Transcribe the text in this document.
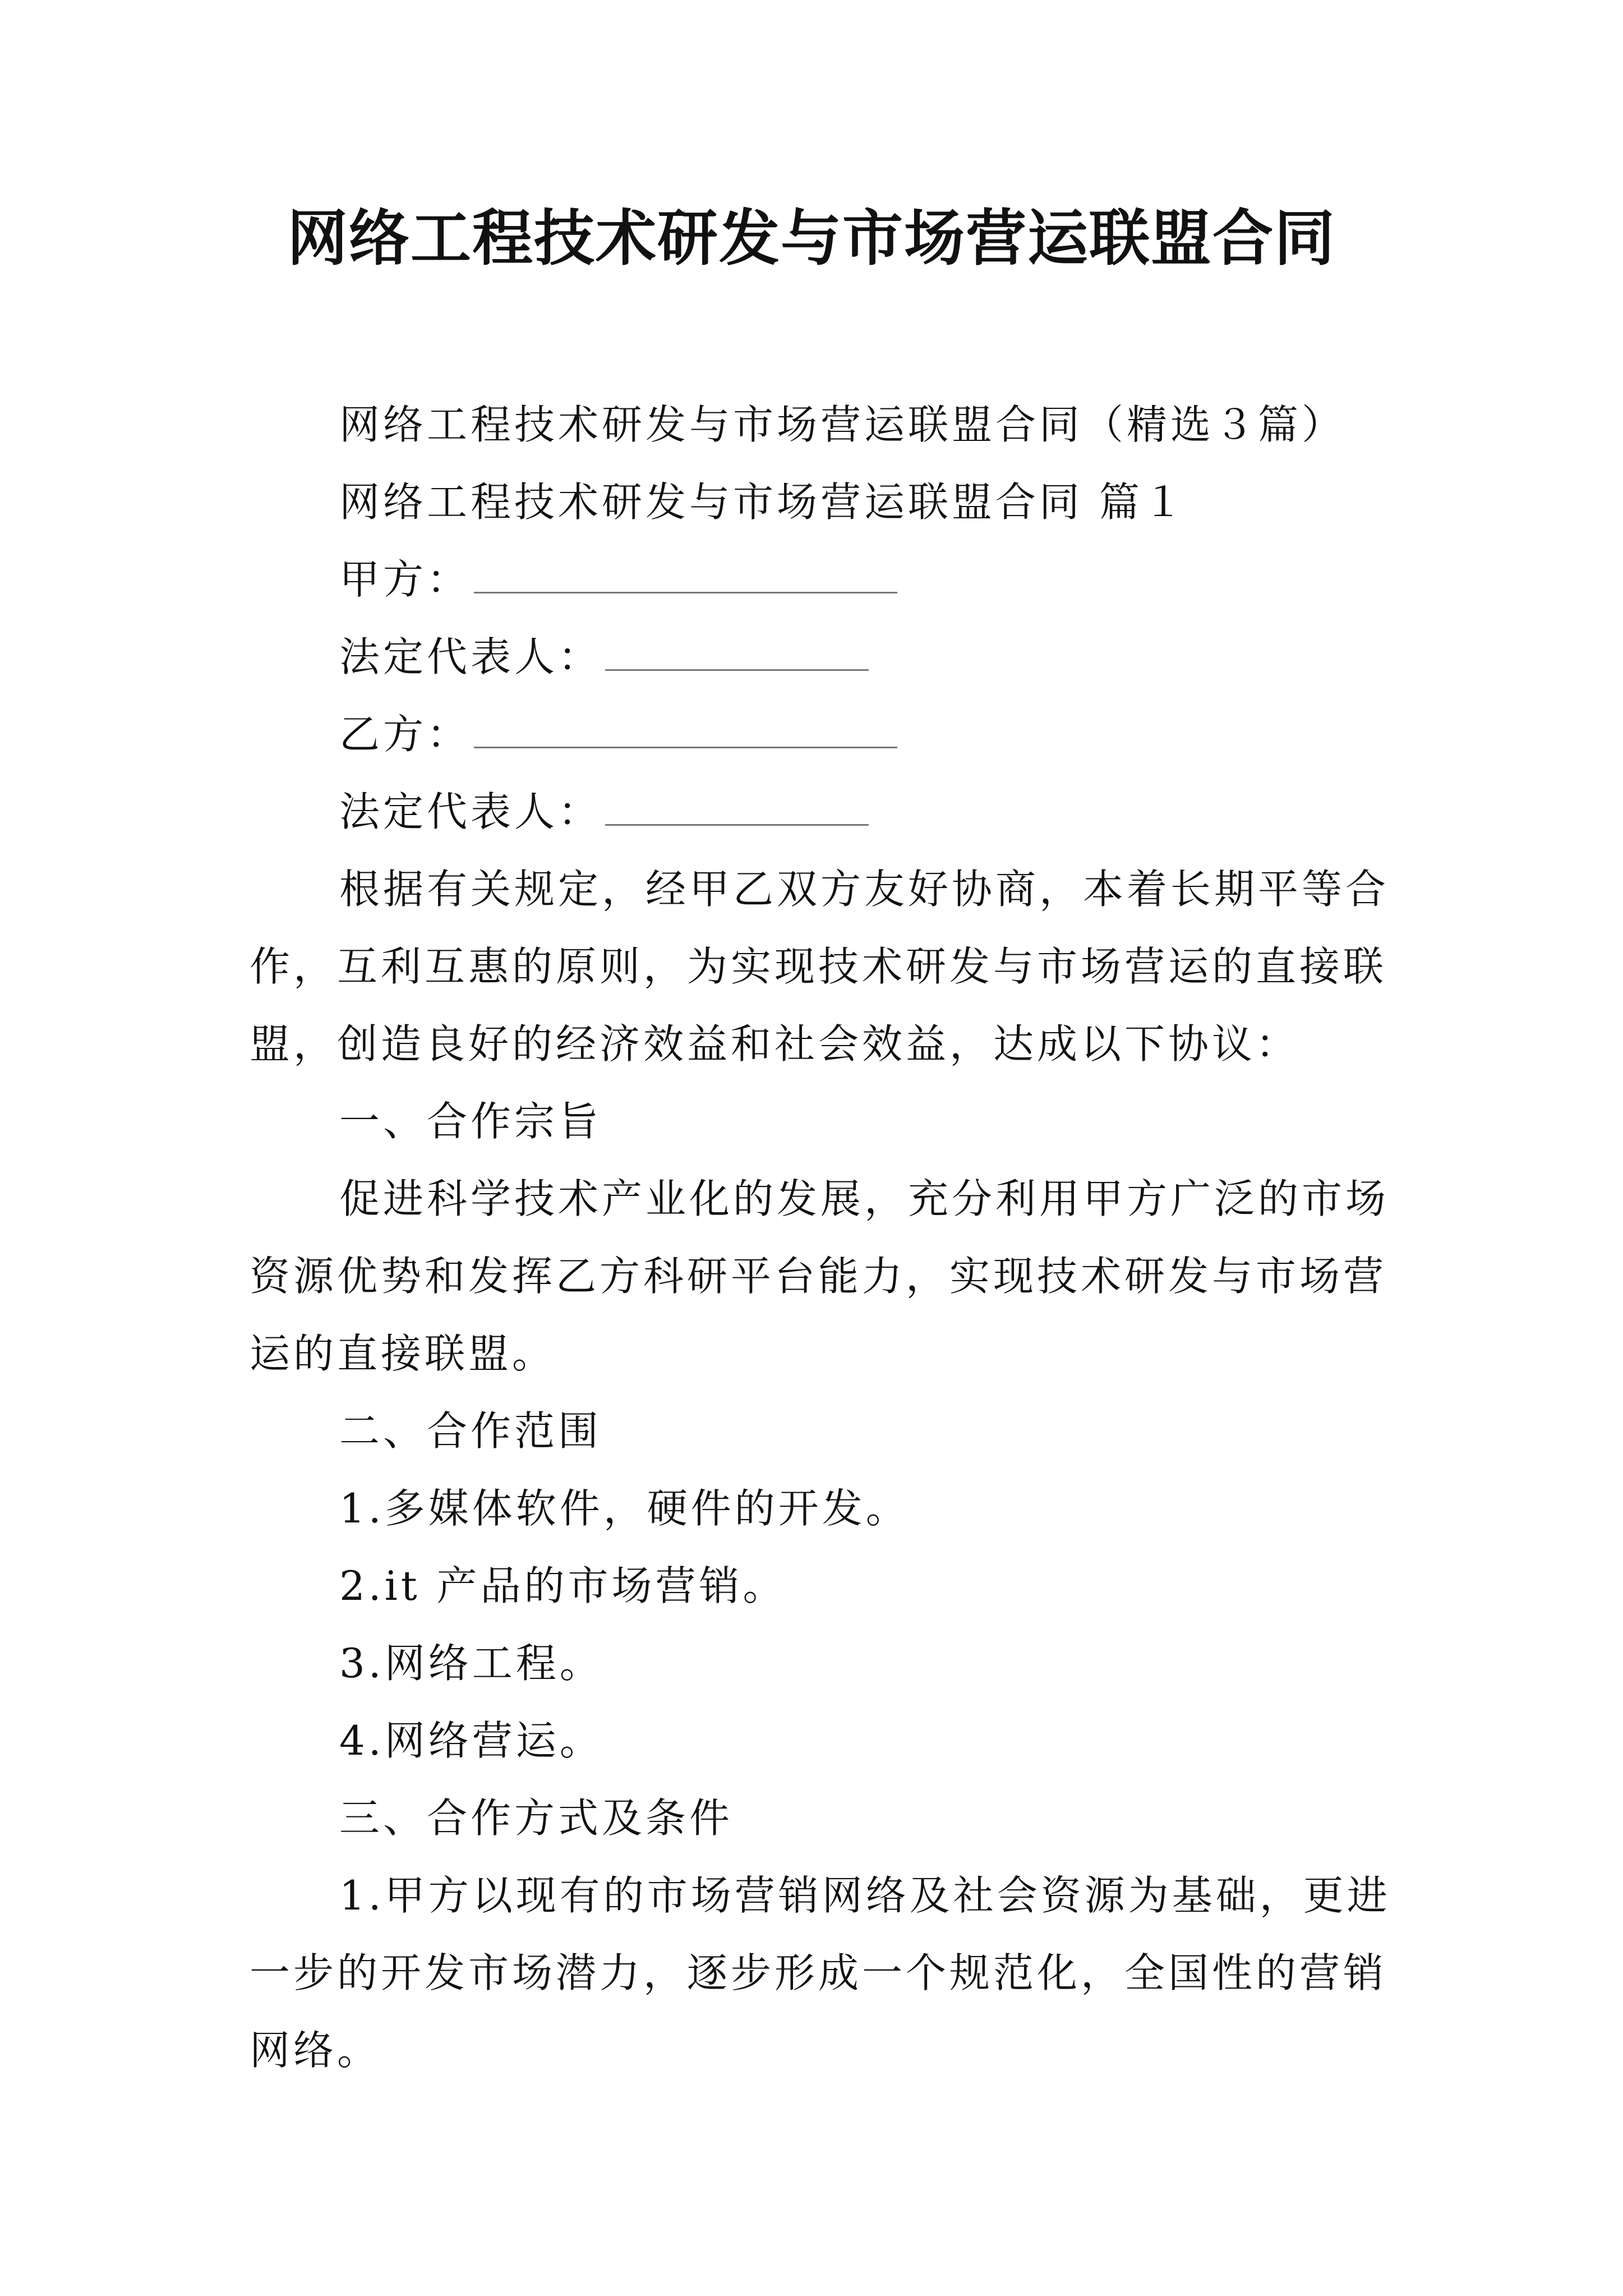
网络工程技术研发与市场营运联盟合同
网络工程技术研发与市场营运联盟合同（精选３篇）
网络工程技术研发与市场营运联盟合同 篇１
甲方：
法定代表人：
乙方：
法定代表人：
根据有关规定，经甲乙双方友好协商，本着长期平等合
作，互利互惠的原则，为实现技术研发与市场营运的直接联
盟，创造良好的经济效益和社会效益，达成以下协议：
一、合作宗旨
促进科学技术产业化的发展，充分利用甲方广泛的市场
资源优势和发挥乙方科研平台能力，实现技术研发与市场营
运的直接联盟。
二、合作范围
1.多媒体软件，硬件的开发。
2.it 产品的市场营销。
3.网络工程。
4.网络营运。
三、合作方式及条件
1.甲方以现有的市场营销网络及社会资源为基础，更进
一步的开发市场潜力，逐步形成一个规范化，全国性的营销
网络。
